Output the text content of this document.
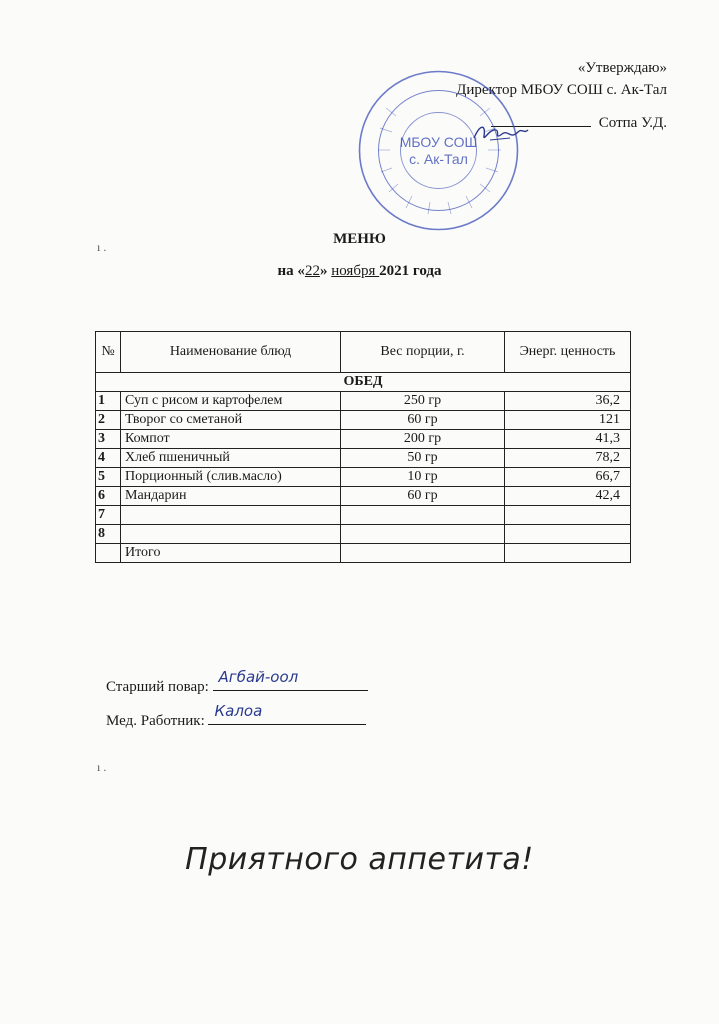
«Утверждаю»
Директор МБОУ СОШ с. Ак-Тал
Сотпа У.Д.
МБОУ СОШ
с. Ак-Тал
ı .	МЕНЮ
на «22» ноября 2021 года
№	Наименование блюд	Вес порции, г.	Энерг. ценность
ОБЕД			
1	Суп с рисом и картофелем	250 гр	36,2
2	Творог со сметаной	60 гр	121
3	Компот	200 гр	41,3
4	Хлеб пшеничный	50 гр	78,2
5	Порционный (слив.масло)	10 гр	66,7
6	Мандарин	60 гр	42,4
7			
8			
	Итого		
Старший повар:
Агбай-оол
Мед. Работник:
Калоа
ı .
Приятного аппетита!
